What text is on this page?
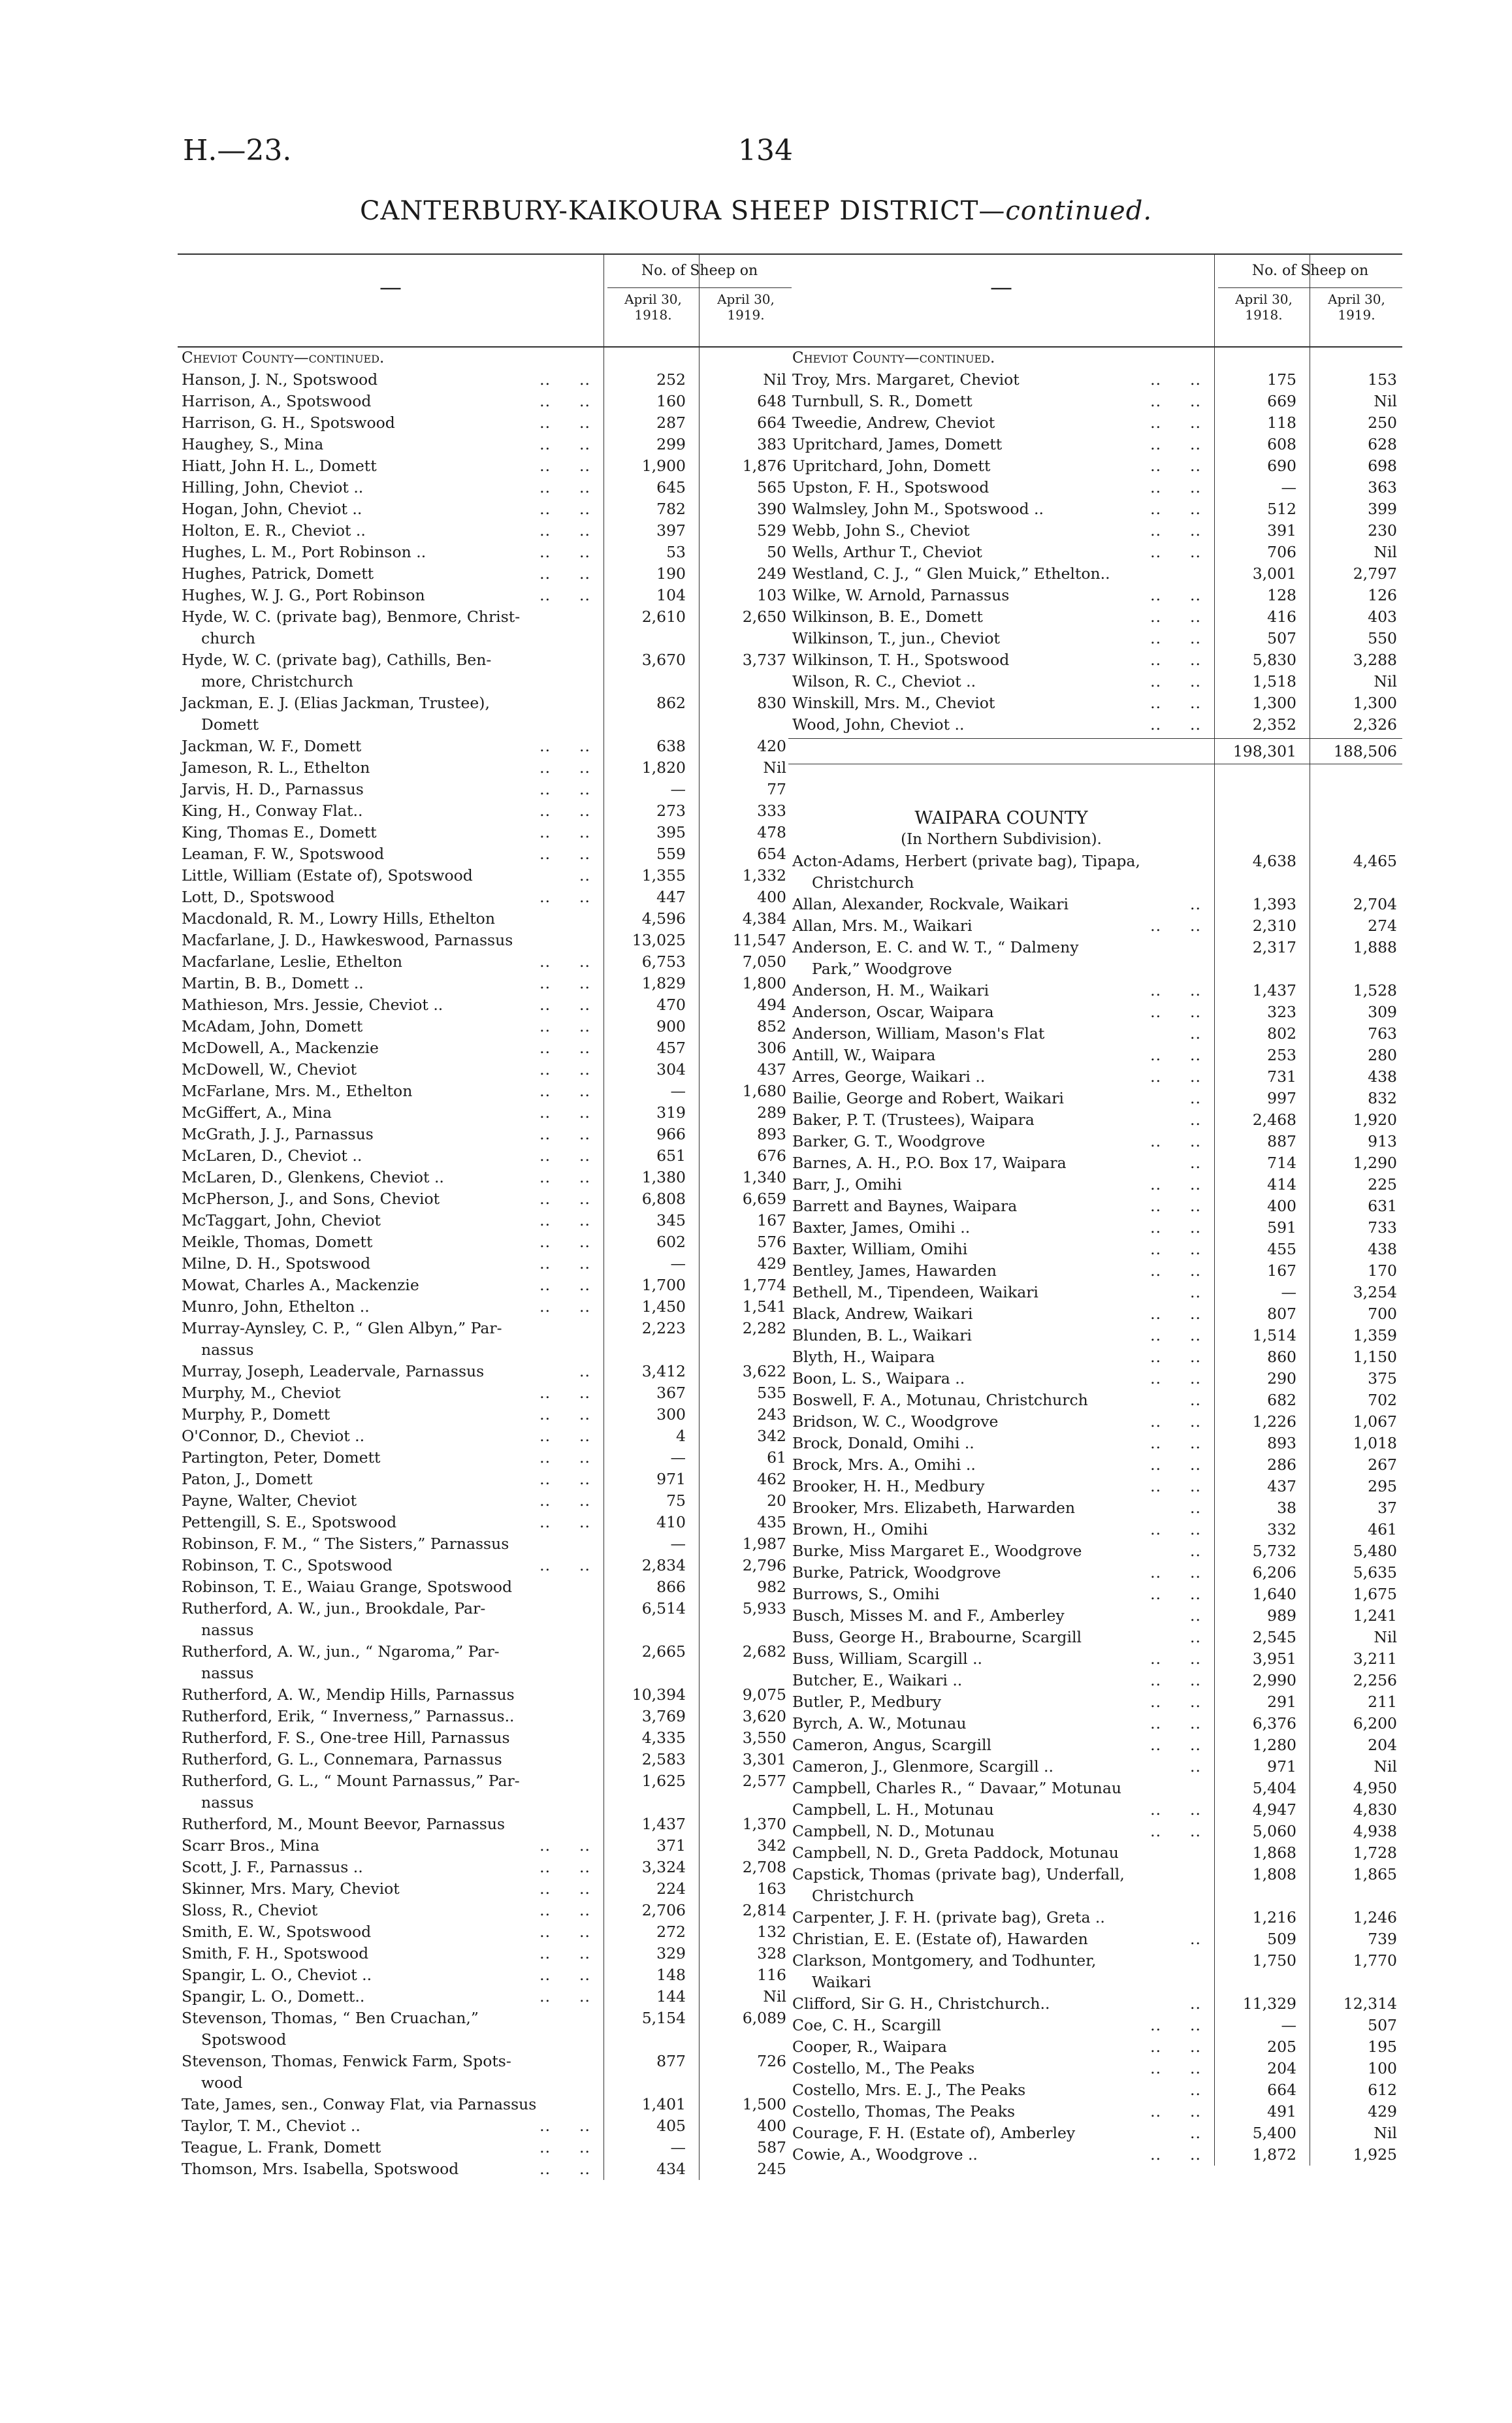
H.—23.	134
CANTERBURY-KAIKOURA SHEEP DISTRICT—continued.
—
No. of Sheep on
April 30, 1918.
April 30, 1919.
Cheviot County—continued.
Hanson, J. N., Spotswood	.. ..	252	Nil
Harrison, A., Spotswood	.. ..	160	648
Harrison, G. H., Spotswood	.. ..	287	664
Haughey, S., Mina	.. ..	299	383
Hiatt, John H. L., Domett	.. ..	1,900	1,876
Hilling, John, Cheviot ..	.. ..	645	565
Hogan, John, Cheviot ..	.. ..	782	390
Holton, E. R., Cheviot ..	.. ..	397	529
Hughes, L. M., Port Robinson ..	.. ..	53	50
Hughes, Patrick, Domett	.. ..	190	249
Hughes, W. J. G., Port Robinson	.. ..	104	103
Hyde, W. C. (private bag), Benmore, Christ-	2,610	2,650
church
Hyde, W. C. (private bag), Cathills, Ben-	3,670	3,737
more, Christchurch
Jackman, E. J. (Elias Jackman, Trustee),	862	830
Domett
Jackman, W. F., Domett	.. ..	638	420
Jameson, R. L., Ethelton	.. ..	1,820	Nil
Jarvis, H. D., Parnassus	.. ..	—	77
King, H., Conway Flat..	.. ..	273	333
King, Thomas E., Domett	.. ..	395	478
Leaman, F. W., Spotswood	.. ..	559	654
Little, William (Estate of), Spotswood	..	1,355	1,332
Lott, D., Spotswood	.. ..	447	400
Macdonald, R. M., Lowry Hills, Ethelton	4,596	4,384
Macfarlane, J. D., Hawkeswood, Parnassus	13,025	11,547
Macfarlane, Leslie, Ethelton	.. ..	6,753	7,050
Martin, B. B., Domett ..	.. ..	1,829	1,800
Mathieson, Mrs. Jessie, Cheviot ..	.. ..	470	494
McAdam, John, Domett	.. ..	900	852
McDowell, A., Mackenzie	.. ..	457	306
McDowell, W., Cheviot	.. ..	304	437
McFarlane, Mrs. M., Ethelton	.. ..	—	1,680
McGiffert, A., Mina	.. ..	319	289
McGrath, J. J., Parnassus	.. ..	966	893
McLaren, D., Cheviot ..	.. ..	651	676
McLaren, D., Glenkens, Cheviot ..	.. ..	1,380	1,340
McPherson, J., and Sons, Cheviot	.. ..	6,808	6,659
McTaggart, John, Cheviot	.. ..	345	167
Meikle, Thomas, Domett	.. ..	602	576
Milne, D. H., Spotswood	.. ..	—	429
Mowat, Charles A., Mackenzie	.. ..	1,700	1,774
Munro, John, Ethelton ..	.. ..	1,450	1,541
Murray-Aynsley, C. P., “ Glen Albyn,” Par-	2,223	2,282
nassus
Murray, Joseph, Leadervale, Parnassus	..	3,412	3,622
Murphy, M., Cheviot	.. ..	367	535
Murphy, P., Domett	.. ..	300	243
O'Connor, D., Cheviot ..	.. ..	4	342
Partington, Peter, Domett	.. ..	—	61
Paton, J., Domett	.. ..	971	462
Payne, Walter, Cheviot	.. ..	75	20
Pettengill, S. E., Spotswood	.. ..	410	435
Robinson, F. M., “ The Sisters,” Parnassus	—	1,987
Robinson, T. C., Spotswood	.. ..	2,834	2,796
Robinson, T. E., Waiau Grange, Spotswood	866	982
Rutherford, A. W., jun., Brookdale, Par-	6,514	5,933
nassus
Rutherford, A. W., jun., “ Ngaroma,” Par-	2,665	2,682
nassus
Rutherford, A. W., Mendip Hills, Parnassus	10,394	9,075
Rutherford, Erik, “ Inverness,” Parnassus..	3,769	3,620
Rutherford, F. S., One-tree Hill, Parnassus	4,335	3,550
Rutherford, G. L., Connemara, Parnassus	2,583	3,301
Rutherford, G. L., “ Mount Parnassus,” Par-	1,625	2,577
nassus
Rutherford, M., Mount Beevor, Parnassus	1,437	1,370
Scarr Bros., Mina	.. ..	371	342
Scott, J. F., Parnassus ..	.. ..	3,324	2,708
Skinner, Mrs. Mary, Cheviot	.. ..	224	163
Sloss, R., Cheviot	.. ..	2,706	2,814
Smith, E. W., Spotswood	.. ..	272	132
Smith, F. H., Spotswood	.. ..	329	328
Spangir, L. O., Cheviot ..	.. ..	148	116
Spangir, L. O., Domett..	.. ..	144	Nil
Stevenson, Thomas, “ Ben Cruachan,”	5,154	6,089
Spotswood
Stevenson, Thomas, Fenwick Farm, Spots-	877	726
wood
Tate, James, sen., Conway Flat, via Parnassus	1,401	1,500
Taylor, T. M., Cheviot ..	.. ..	405	400
Teague, L. Frank, Domett	.. ..	—	587
Thomson, Mrs. Isabella, Spotswood	.. ..	434	245
—
No. of Sheep on
April 30, 1918.
April 30, 1919.
Cheviot County—continued.
Troy, Mrs. Margaret, Cheviot	.. ..	175	153
Turnbull, S. R., Domett	.. ..	669	Nil
Tweedie, Andrew, Cheviot	.. ..	118	250
Upritchard, James, Domett	.. ..	608	628
Upritchard, John, Domett	.. ..	690	698
Upston, F. H., Spotswood	.. ..	—	363
Walmsley, John M., Spotswood ..	.. ..	512	399
Webb, John S., Cheviot	.. ..	391	230
Wells, Arthur T., Cheviot	.. ..	706	Nil
Westland, C. J., “ Glen Muick,” Ethelton..	3,001	2,797
Wilke, W. Arnold, Parnassus	.. ..	128	126
Wilkinson, B. E., Domett	.. ..	416	403
Wilkinson, T., jun., Cheviot	.. ..	507	550
Wilkinson, T. H., Spotswood	.. ..	5,830	3,288
Wilson, R. C., Cheviot ..	.. ..	1,518	Nil
Winskill, Mrs. M., Cheviot	.. ..	1,300	1,300
Wood, John, Cheviot ..	.. ..	2,352	2,326
198,301	188,506
WAIPARA COUNTY
(In Northern Subdivision).
Acton-Adams, Herbert (private bag), Tipapa,	4,638	4,465
Christchurch
Allan, Alexander, Rockvale, Waikari	..	1,393	2,704
Allan, Mrs. M., Waikari	.. ..	2,310	274
Anderson, E. C. and W. T., “ Dalmeny	2,317	1,888
Park,” Woodgrove
Anderson, H. M., Waikari	.. ..	1,437	1,528
Anderson, Oscar, Waipara	.. ..	323	309
Anderson, William, Mason's Flat	..	802	763
Antill, W., Waipara	.. ..	253	280
Arres, George, Waikari ..	.. ..	731	438
Bailie, George and Robert, Waikari	..	997	832
Baker, P. T. (Trustees), Waipara	..	2,468	1,920
Barker, G. T., Woodgrove	.. ..	887	913
Barnes, A. H., P.O. Box 17, Waipara	..	714	1,290
Barr, J., Omihi	.. ..	414	225
Barrett and Baynes, Waipara	.. ..	400	631
Baxter, James, Omihi ..	.. ..	591	733
Baxter, William, Omihi	.. ..	455	438
Bentley, James, Hawarden	.. ..	167	170
Bethell, M., Tipendeen, Waikari	..	—	3,254
Black, Andrew, Waikari	.. ..	807	700
Blunden, B. L., Waikari	.. ..	1,514	1,359
Blyth, H., Waipara	.. ..	860	1,150
Boon, L. S., Waipara ..	.. ..	290	375
Boswell, F. A., Motunau, Christchurch	..	682	702
Bridson, W. C., Woodgrove	.. ..	1,226	1,067
Brock, Donald, Omihi ..	.. ..	893	1,018
Brock, Mrs. A., Omihi ..	.. ..	286	267
Brooker, H. H., Medbury	.. ..	437	295
Brooker, Mrs. Elizabeth, Harwarden	..	38	37
Brown, H., Omihi	.. ..	332	461
Burke, Miss Margaret E., Woodgrove	..	5,732	5,480
Burke, Patrick, Woodgrove	.. ..	6,206	5,635
Burrows, S., Omihi	.. ..	1,640	1,675
Busch, Misses M. and F., Amberley	..	989	1,241
Buss, George H., Brabourne, Scargill	..	2,545	Nil
Buss, William, Scargill ..	.. ..	3,951	3,211
Butcher, E., Waikari ..	.. ..	2,990	2,256
Butler, P., Medbury	.. ..	291	211
Byrch, A. W., Motunau	.. ..	6,376	6,200
Cameron, Angus, Scargill	.. ..	1,280	204
Cameron, J., Glenmore, Scargill ..	..	971	Nil
Campbell, Charles R., “ Davaar,” Motunau	5,404	4,950
Campbell, L. H., Motunau	.. ..	4,947	4,830
Campbell, N. D., Motunau	.. ..	5,060	4,938
Campbell, N. D., Greta Paddock, Motunau	1,868	1,728
Capstick, Thomas (private bag), Underfall,	1,808	1,865
Christchurch
Carpenter, J. F. H. (private bag), Greta ..	1,216	1,246
Christian, E. E. (Estate of), Hawarden	..	509	739
Clarkson, Montgomery, and Todhunter,	1,750	1,770
Waikari
Clifford, Sir G. H., Christchurch..	..	11,329	12,314
Coe, C. H., Scargill	.. ..	—	507
Cooper, R., Waipara	.. ..	205	195
Costello, M., The Peaks	.. ..	204	100
Costello, Mrs. E. J., The Peaks	..	664	612
Costello, Thomas, The Peaks	.. ..	491	429
Courage, F. H. (Estate of), Amberley	..	5,400	Nil
Cowie, A., Woodgrove ..	.. ..	1,872	1,925
